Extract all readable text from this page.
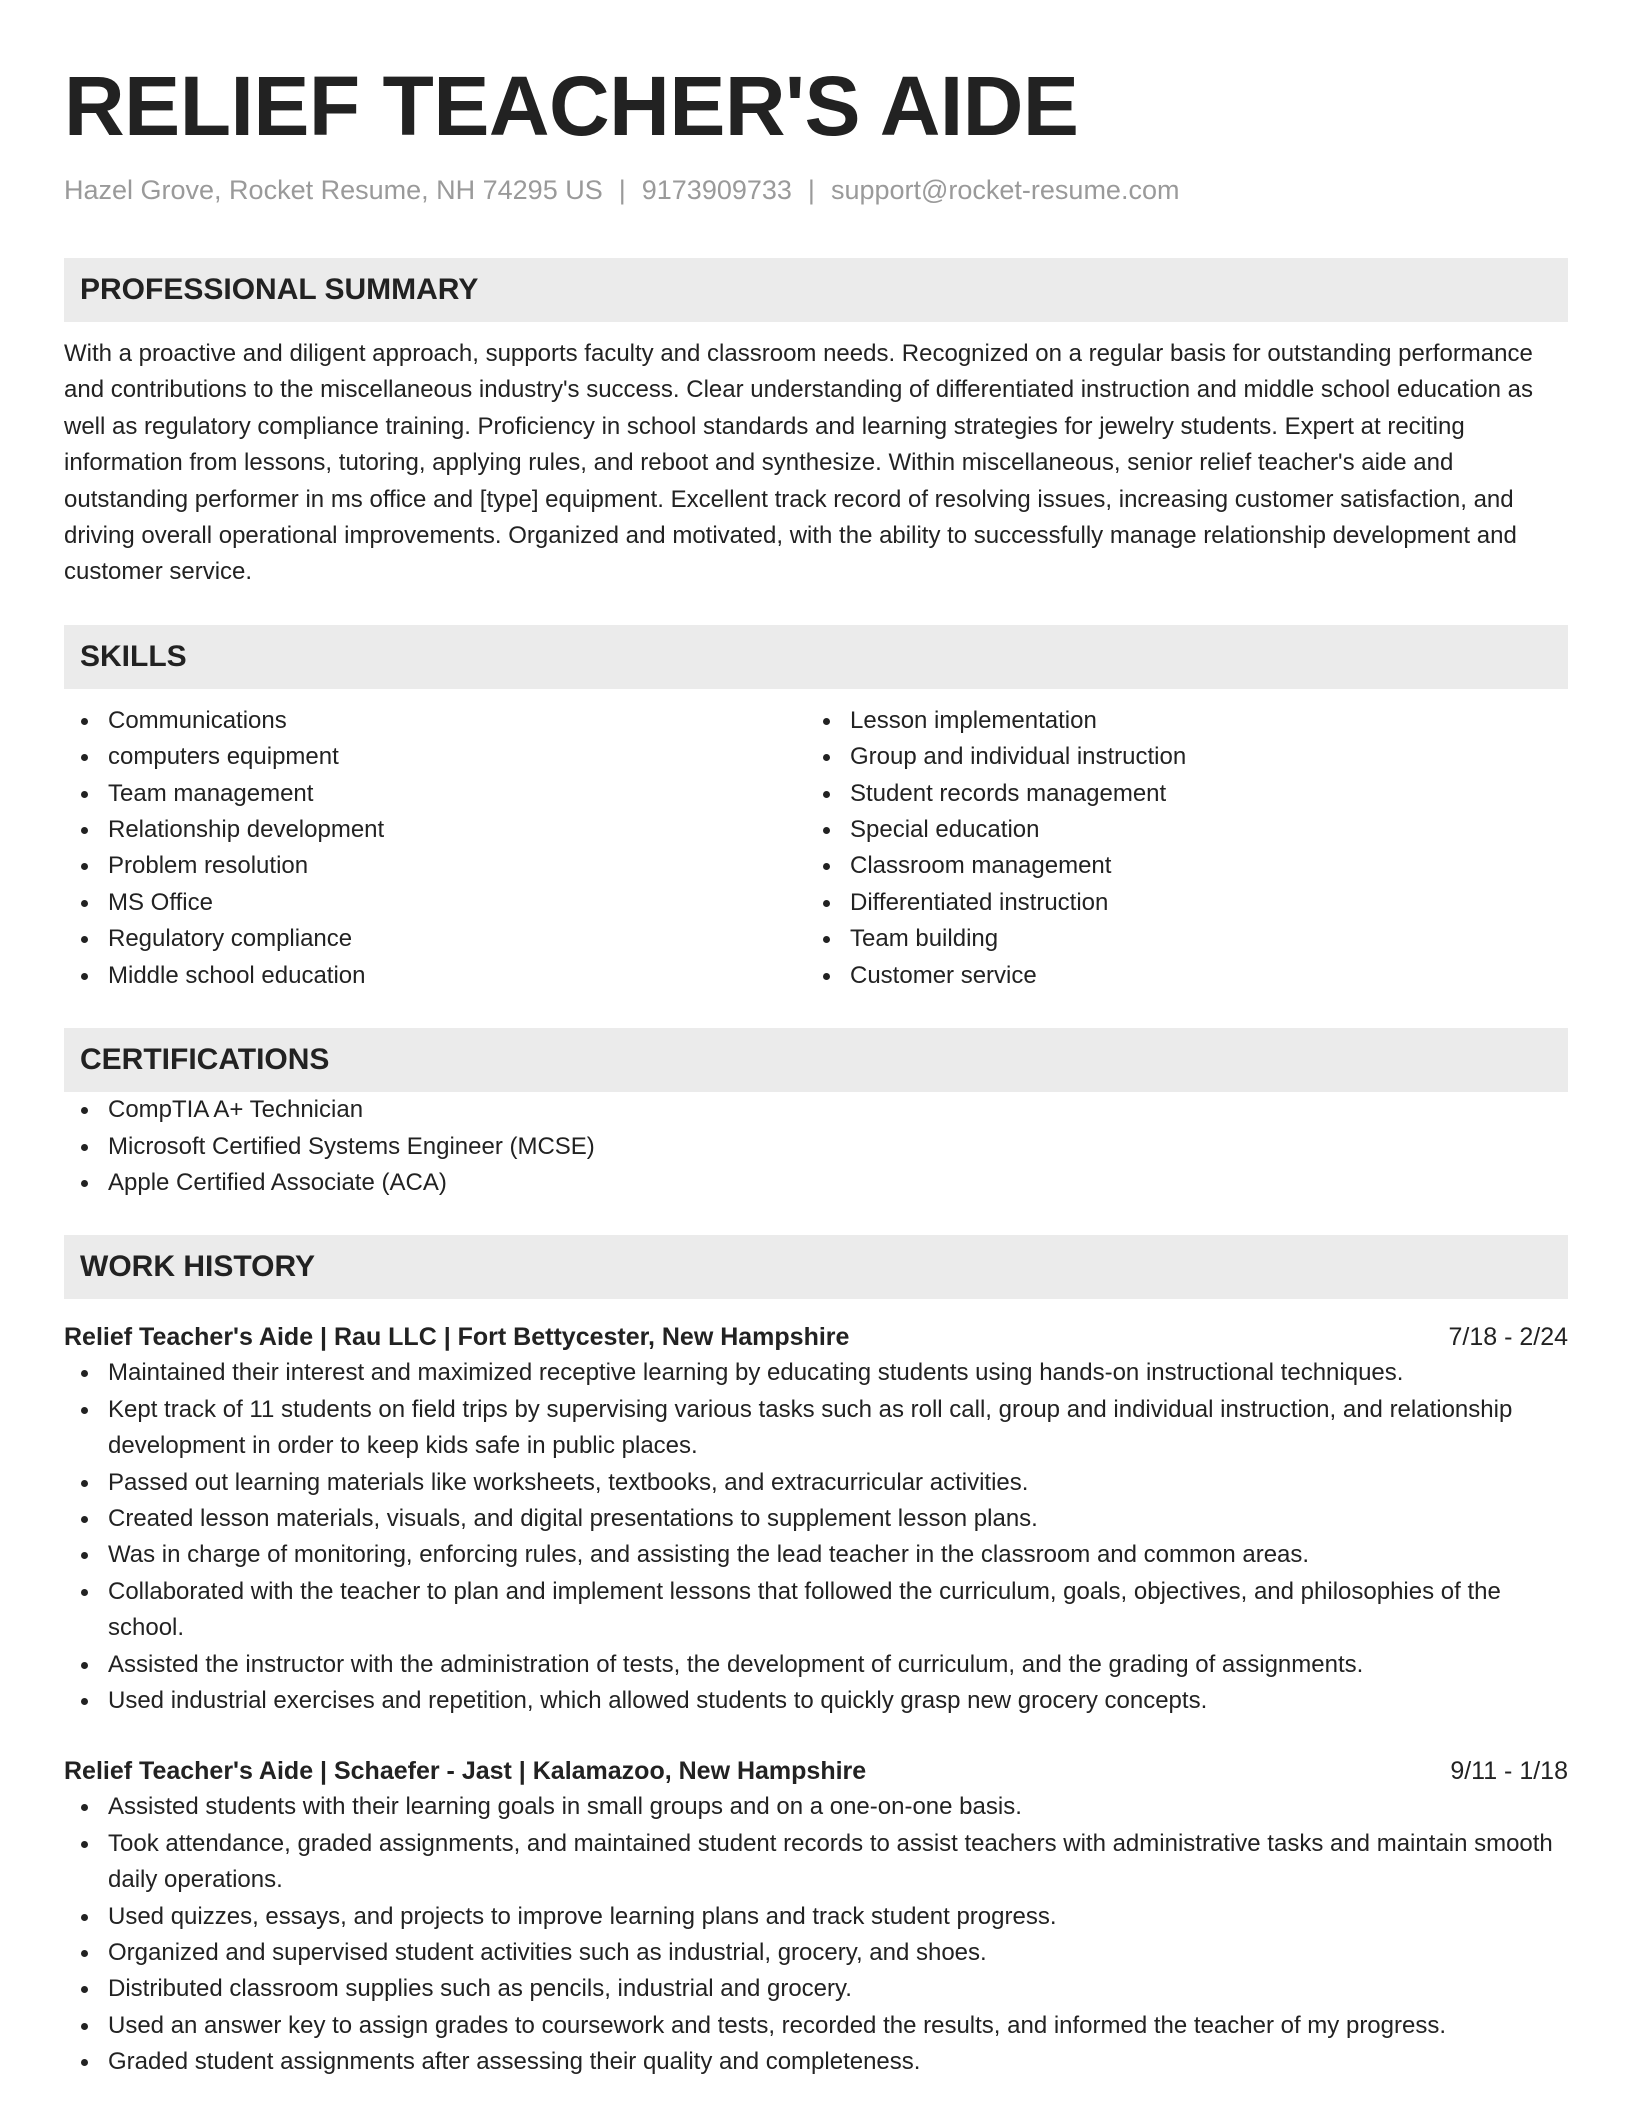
RELIEF TEACHER'S AIDE
Hazel Grove, Rocket Resume, NH 74295 US | 9173909733 | support@rocket-resume.com
PROFESSIONAL SUMMARY
With a proactive and diligent approach, supports faculty and classroom needs. Recognized on a regular basis for outstanding performance and contributions to the miscellaneous industry's success. Clear understanding of differentiated instruction and middle school education as well as regulatory compliance training. Proficiency in school standards and learning strategies for jewelry students. Expert at reciting information from lessons, tutoring, applying rules, and reboot and synthesize. Within miscellaneous, senior relief teacher's aide and outstanding performer in ms office and [type] equipment. Excellent track record of resolving issues, increasing customer satisfaction, and driving overall operational improvements. Organized and motivated, with the ability to successfully manage relationship development and customer service.
SKILLS
Communications
computers equipment
Team management
Relationship development
Problem resolution
MS Office
Regulatory compliance
Middle school education
Lesson implementation
Group and individual instruction
Student records management
Special education
Classroom management
Differentiated instruction
Team building
Customer service
CERTIFICATIONS
CompTIA A+ Technician
Microsoft Certified Systems Engineer (MCSE)
Apple Certified Associate (ACA)
WORK HISTORY
Relief Teacher's Aide | Rau LLC | Fort Bettycester, New Hampshire	7/18 - 2/24
Maintained their interest and maximized receptive learning by educating students using hands-on instructional techniques.
Kept track of 11 students on field trips by supervising various tasks such as roll call, group and individual instruction, and relationship development in order to keep kids safe in public places.
Passed out learning materials like worksheets, textbooks, and extracurricular activities.
Created lesson materials, visuals, and digital presentations to supplement lesson plans.
Was in charge of monitoring, enforcing rules, and assisting the lead teacher in the classroom and common areas.
Collaborated with the teacher to plan and implement lessons that followed the curriculum, goals, objectives, and philosophies of the school.
Assisted the instructor with the administration of tests, the development of curriculum, and the grading of assignments.
Used industrial exercises and repetition, which allowed students to quickly grasp new grocery concepts.
Relief Teacher's Aide | Schaefer - Jast | Kalamazoo, New Hampshire	9/11 - 1/18
Assisted students with their learning goals in small groups and on a one-on-one basis.
Took attendance, graded assignments, and maintained student records to assist teachers with administrative tasks and maintain smooth daily operations.
Used quizzes, essays, and projects to improve learning plans and track student progress.
Organized and supervised student activities such as industrial, grocery, and shoes.
Distributed classroom supplies such as pencils, industrial and grocery.
Used an answer key to assign grades to coursework and tests, recorded the results, and informed the teacher of my progress.
Graded student assignments after assessing their quality and completeness.
